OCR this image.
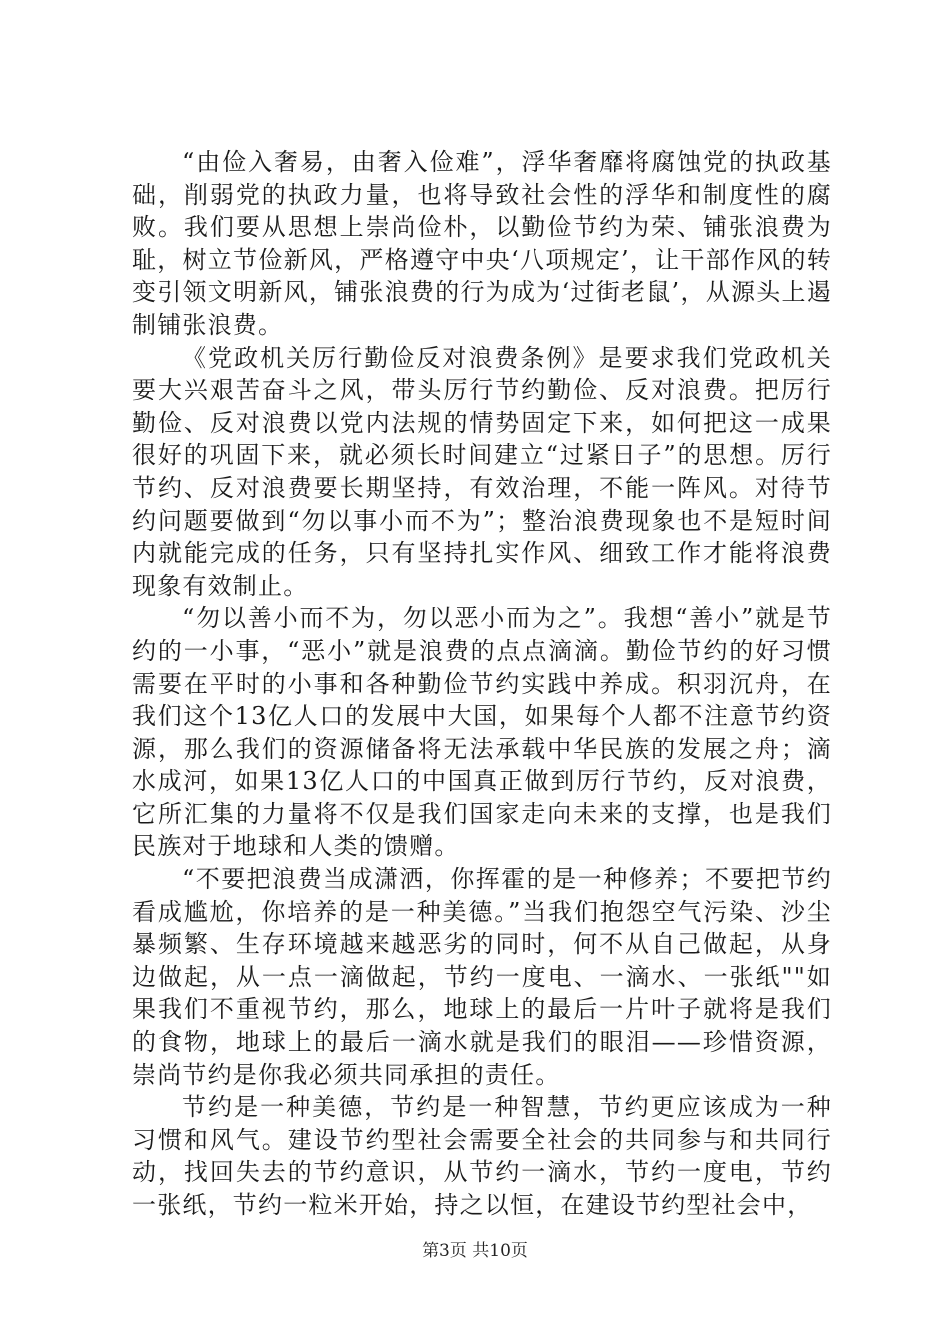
“由俭入奢易，由奢入俭难”，浮华奢靡将腐蚀党的执政基础，削弱党的执政力量，也将导致社会性的浮华和制度性的腐败。我们要从思想上崇尚俭朴，以勤俭节约为荣、铺张浪费为耻，树立节俭新风，严格遵守中央‘八项规定’，让干部作风的转变引领文明新风，铺张浪费的行为成为‘过街老鼠’，从源头上遏制铺张浪费。

《党政机关厉行勤俭反对浪费条例》是要求我们党政机关要大兴艰苦奋斗之风，带头厉行节约勤俭、反对浪费。把厉行勤俭、反对浪费以党内法规的情势固定下来，如何把这一成果很好的巩固下来，就必须长时间建立“过紧日子”的思想。厉行节约、反对浪费要长期坚持，有效治理，不能一阵风。对待节约问题要做到“勿以事小而不为”；整治浪费现象也不是短时间内就能完成的任务，只有坚持扎实作风、细致工作才能将浪费现象有效制止。

“勿以善小而不为，勿以恶小而为之”。我想“善小”就是节约的一小事，“恶小”就是浪费的点点滴滴。勤俭节约的好习惯需要在平时的小事和各种勤俭节约实践中养成。积羽沉舟，在我们这个13亿人口的发展中大国，如果每个人都不注意节约资源，那么我们的资源储备将无法承载中华民族的发展之舟；滴水成河，如果13亿人口的中国真正做到厉行节约，反对浪费，它所汇集的力量将不仅是我们国家走向未来的支撑，也是我们民族对于地球和人类的馈赠。

“不要把浪费当成潇洒，你挥霍的是一种修养；不要把节约看成尴尬，你培养的是一种美德。”当我们抱怨空气污染、沙尘暴频繁、生存环境越来越恶劣的同时，何不从自己做起，从身边做起，从一点一滴做起，节约一度电、一滴水、一张纸""如果我们不重视节约，那么，地球上的最后一片叶子就将是我们的食物，地球上的最后一滴水就是我们的眼泪——珍惜资源，崇尚节约是你我必须共同承担的责任。

节约是一种美德，节约是一种智慧，节约更应该成为一种习惯和风气。建设节约型社会需要全社会的共同参与和共同行动，找回失去的节约意识，从节约一滴水，节约一度电，节约一张纸，节约一粒米开始，持之以恒，在建设节约型社会中，

第3页 共10页
